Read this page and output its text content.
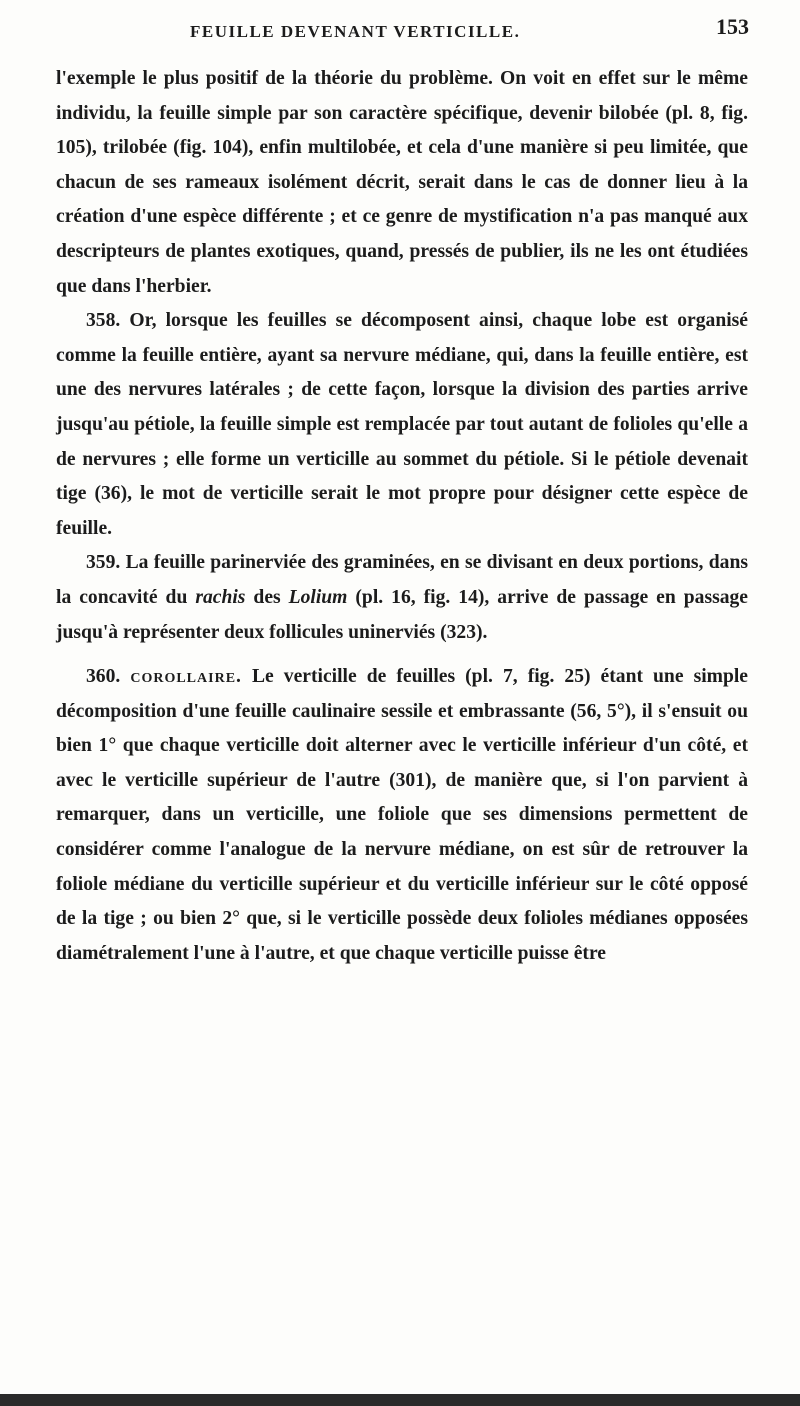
FEUILLE DEVENANT VERTICILLE.	153

l'exemple le plus positif de la théorie du problème. On voit en effet sur le même individu, la feuille simple par son caractère spécifique, devenir bilobée (pl. 8, fig. 105), trilobée (fig. 104), enfin multilobée, et cela d'une manière si peu limitée, que chacun de ses rameaux isolément décrit, serait dans le cas de donner lieu à la création d'une espèce différente ; et ce genre de mystification n'a pas manqué aux descripteurs de plantes exotiques, quand, pressés de publier, ils ne les ont étudiées que dans l'herbier.

358. Or, lorsque les feuilles se décomposent ainsi, chaque lobe est organisé comme la feuille entière, ayant sa nervure médiane, qui, dans la feuille entière, est une des nervures latérales ; de cette façon, lorsque la division des parties arrive jusqu'au pétiole, la feuille simple est remplacée par tout autant de folioles qu'elle a de nervures ; elle forme un verticille au sommet du pétiole. Si le pétiole devenait tige (36), le mot de verticille serait le mot propre pour désigner cette espèce de feuille.

359. La feuille parinerviée des graminées, en se divisant en deux portions, dans la concavité du rachis des Lolium (pl. 16, fig. 14), arrive de passage en passage jusqu'à représenter deux follicules uninerviés (323).

360. corollaire. Le verticille de feuilles (pl. 7, fig. 25) étant une simple décomposition d'une feuille caulinaire sessile et embrassante (56, 5°), il s'ensuit ou bien 1° que chaque verticille doit alterner avec le verticille inférieur d'un côté, et avec le verticille supérieur de l'autre (301), de manière que, si l'on parvient à remarquer, dans un verticille, une foliole que ses dimensions permettent de considérer comme l'analogue de la nervure médiane, on est sûr de retrouver la foliole médiane du verticille supérieur et du verticille inférieur sur le côté opposé de la tige ; ou bien 2° que, si le verticille possède deux folioles médianes opposées diamétralement l'une à l'autre, et que chaque verticille puisse être
